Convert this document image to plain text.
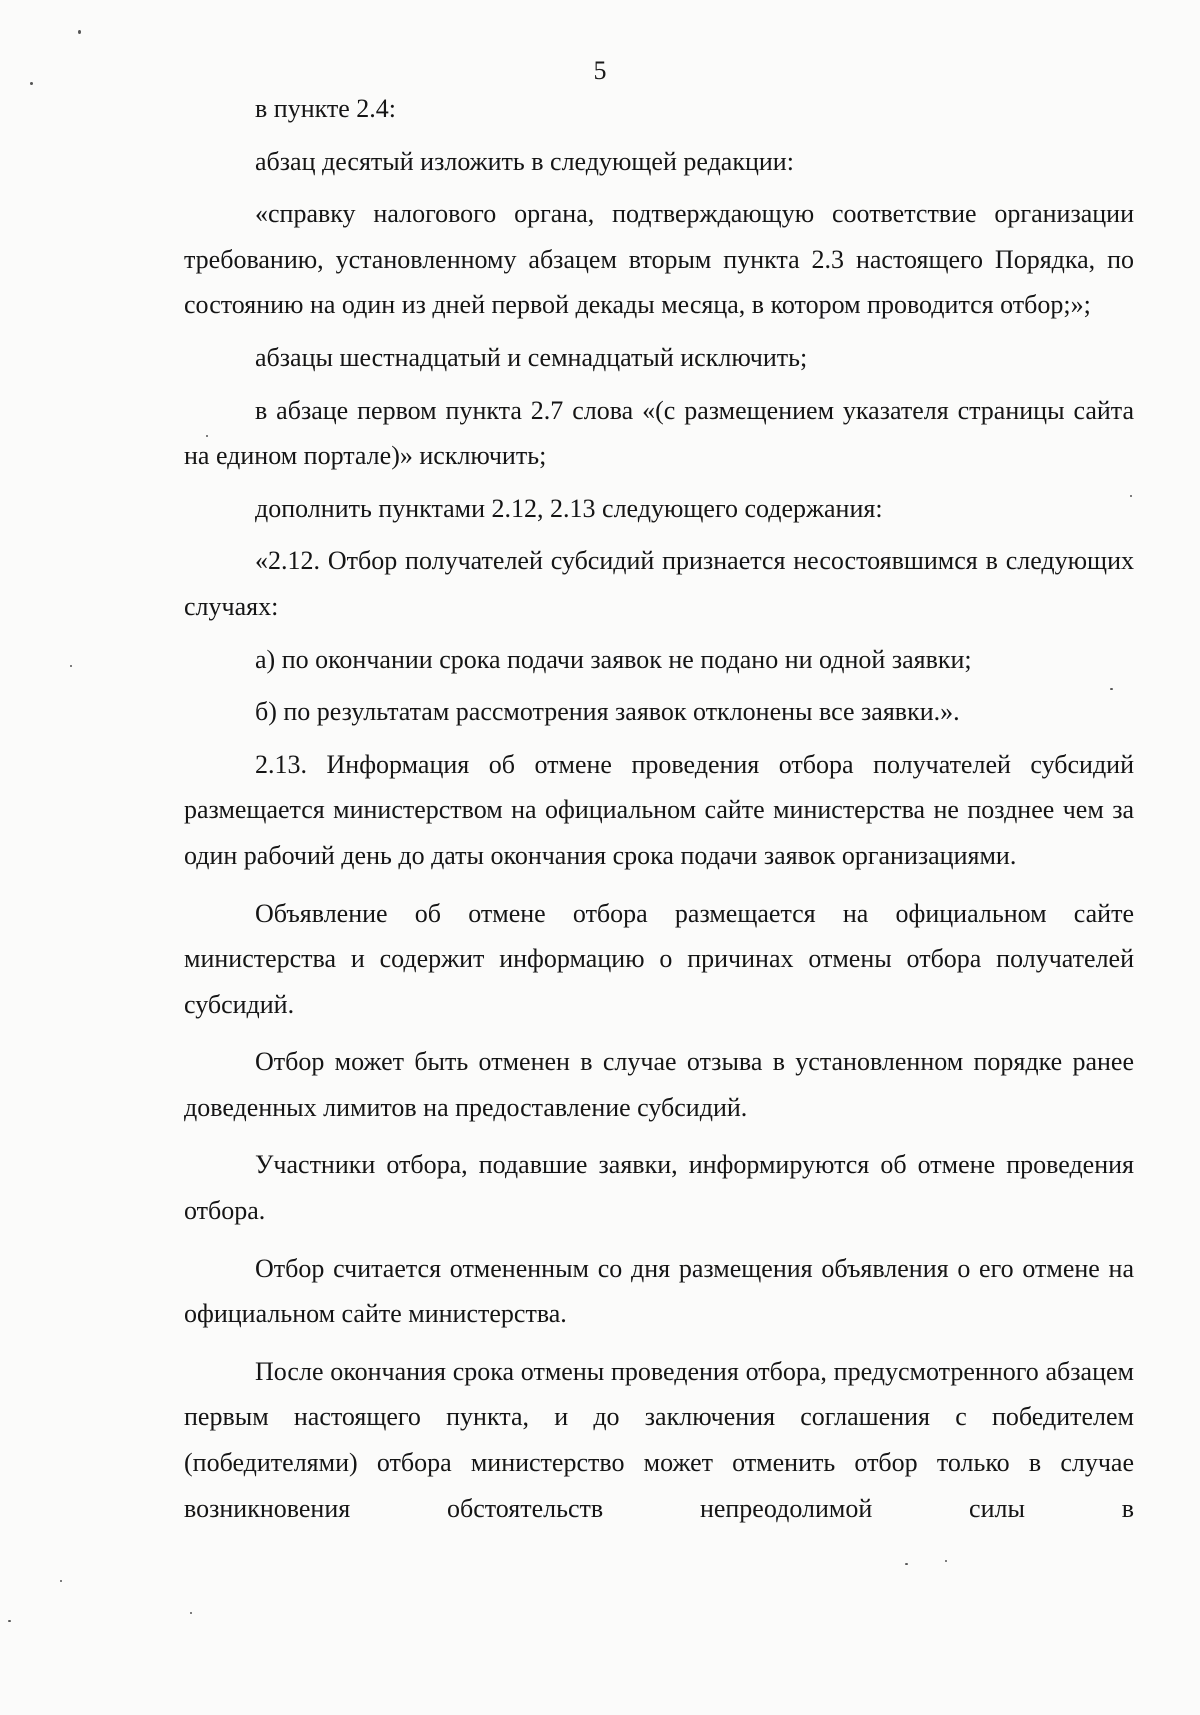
5

в пункте 2.4:

абзац десятый изложить в следующей редакции:

«справку налогового органа, подтверждающую соответствие организации требованию, установленному абзацем вторым пункта 2.3 настоящего Порядка, по состоянию на один из дней первой декады месяца, в котором проводится отбор;»;

абзацы шестнадцатый и семнадцатый исключить;

в абзаце первом пункта 2.7 слова «(с размещением указателя страницы сайта на едином портале)» исключить;

дополнить пунктами 2.12, 2.13 следующего содержания:

«2.12. Отбор получателей субсидий признается несостоявшимся в следующих случаях:

а) по окончании срока подачи заявок не подано ни одной заявки;

б) по результатам рассмотрения заявок отклонены все заявки.».

2.13. Информация об отмене проведения отбора получателей субсидий размещается министерством на официальном сайте министерства не позднее чем за один рабочий день до даты окончания срока подачи заявок организациями.

Объявление об отмене отбора размещается на официальном сайте министерства и содержит информацию о причинах отмены отбора получателей субсидий.

Отбор может быть отменен в случае отзыва в установленном порядке ранее доведенных лимитов на предоставление субсидий.

Участники отбора, подавшие заявки, информируются об отмене проведения отбора.

Отбор считается отмененным со дня размещения объявления о его отмене на официальном сайте министерства.

После окончания срока отмены проведения отбора, предусмотренного абзацем первым настоящего пункта, и до заключения соглашения с победителем (победителями) отбора министерство может отменить отбор только в случае возникновения обстоятельств непреодолимой силы в
